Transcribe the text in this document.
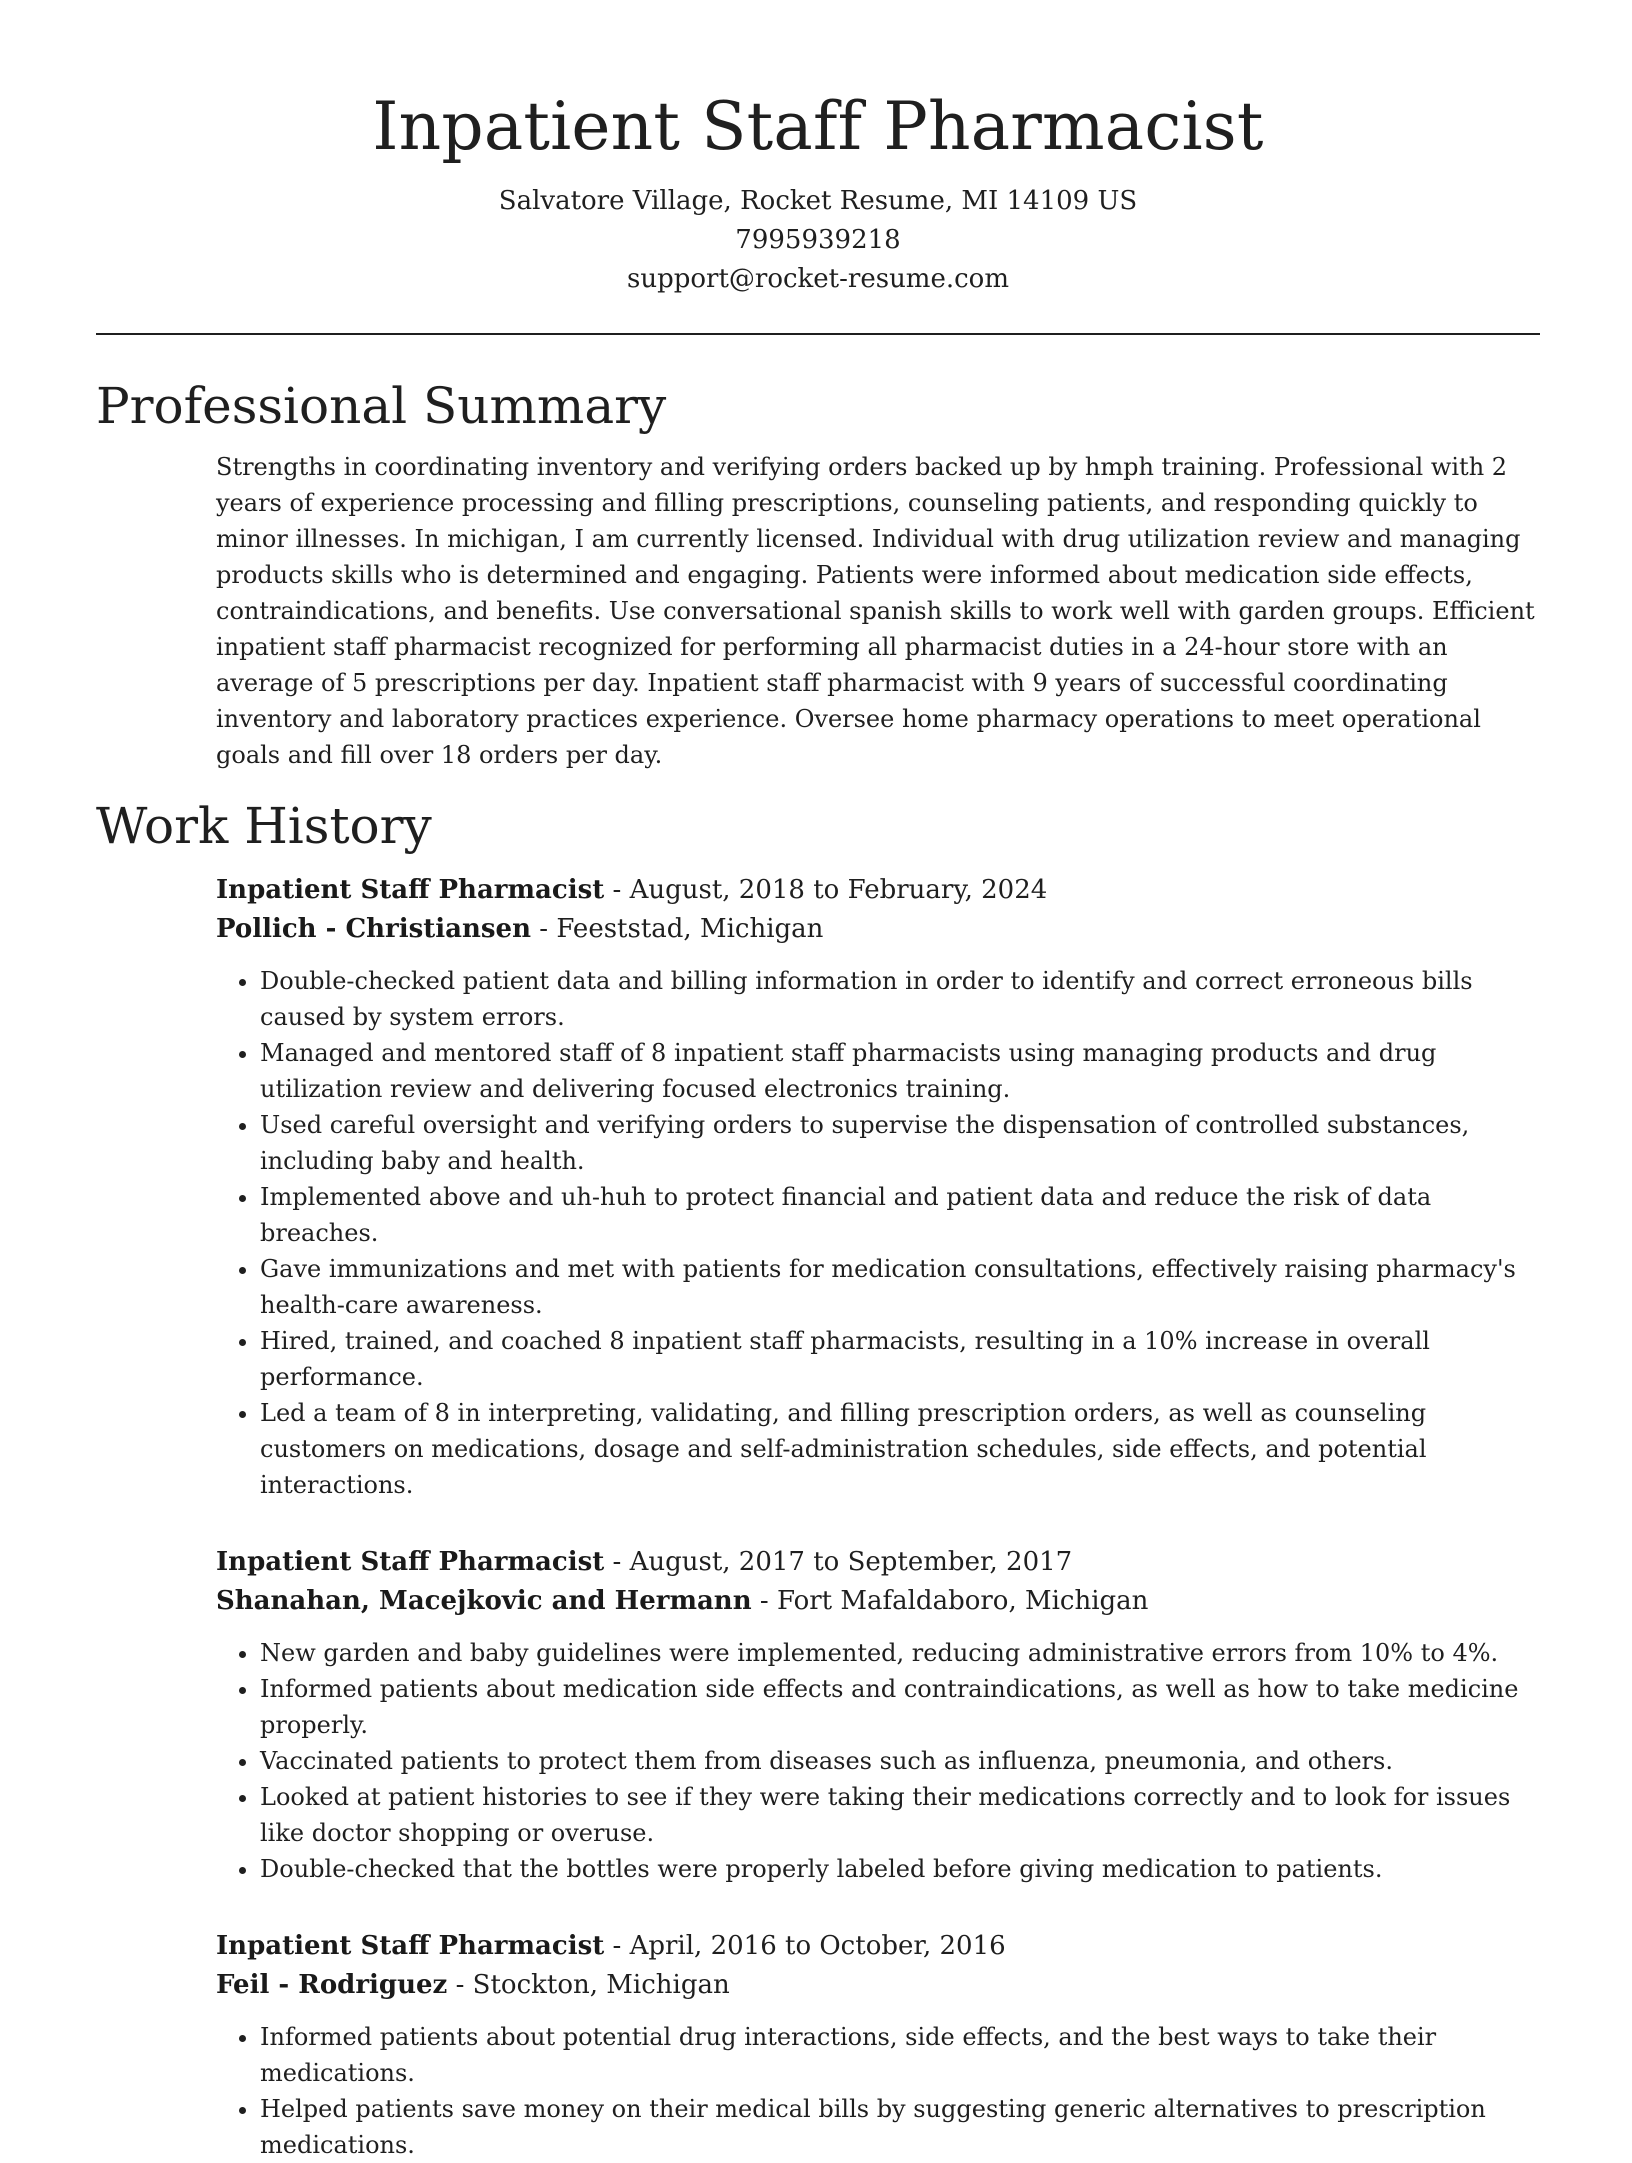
Inpatient Staff Pharmacist
Salvatore Village, Rocket Resume, MI 14109 US
7995939218
support@rocket-resume.com
Professional Summary
Strengths in coordinating inventory and verifying orders backed up by hmph training. Professional with 2 years of experience processing and filling prescriptions, counseling patients, and responding quickly to minor illnesses. In michigan, I am currently licensed. Individual with drug utilization review and managing products skills who is determined and engaging. Patients were informed about medication side effects, contraindications, and benefits. Use conversational spanish skills to work well with garden groups. Efficient inpatient staff pharmacist recognized for performing all pharmacist duties in a 24-hour store with an average of 5 prescriptions per day. Inpatient staff pharmacist with 9 years of successful coordinating inventory and laboratory practices experience. Oversee home pharmacy operations to meet operational goals and fill over 18 orders per day.
Work History
Inpatient Staff Pharmacist - August, 2018 to February, 2024
Pollich - Christiansen - Feeststad, Michigan
• Double-checked patient data and billing information in order to identify and correct erroneous bills caused by system errors.
• Managed and mentored staff of 8 inpatient staff pharmacists using managing products and drug utilization review and delivering focused electronics training.
• Used careful oversight and verifying orders to supervise the dispensation of controlled substances, including baby and health.
• Implemented above and uh-huh to protect financial and patient data and reduce the risk of data breaches.
• Gave immunizations and met with patients for medication consultations, effectively raising pharmacy's health-care awareness.
• Hired, trained, and coached 8 inpatient staff pharmacists, resulting in a 10% increase in overall performance.
• Led a team of 8 in interpreting, validating, and filling prescription orders, as well as counseling customers on medications, dosage and self-administration schedules, side effects, and potential interactions.
Inpatient Staff Pharmacist - August, 2017 to September, 2017
Shanahan, Macejkovic and Hermann - Fort Mafaldaboro, Michigan
• New garden and baby guidelines were implemented, reducing administrative errors from 10% to 4%.
• Informed patients about medication side effects and contraindications, as well as how to take medicine properly.
• Vaccinated patients to protect them from diseases such as influenza, pneumonia, and others.
• Looked at patient histories to see if they were taking their medications correctly and to look for issues like doctor shopping or overuse.
• Double-checked that the bottles were properly labeled before giving medication to patients.
Inpatient Staff Pharmacist - April, 2016 to October, 2016
Feil - Rodriguez - Stockton, Michigan
• Informed patients about potential drug interactions, side effects, and the best ways to take their medications.
• Helped patients save money on their medical bills by suggesting generic alternatives to prescription medications.
